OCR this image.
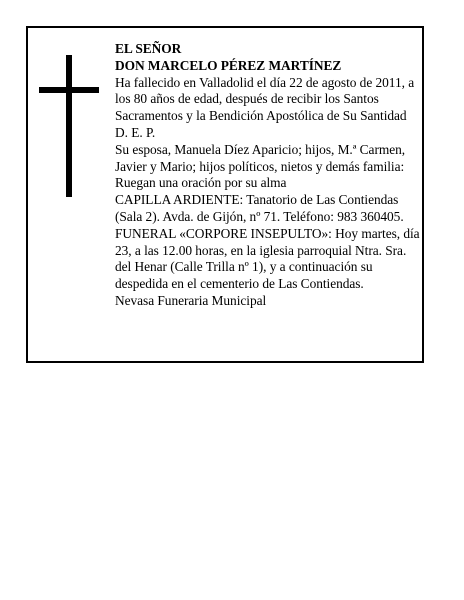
EL SEÑOR

DON MARCELO PÉREZ MARTÍNEZ

Ha fallecido en Valladolid el día 22 de agosto de 2011, a los 80 años de edad, después de recibir los Santos Sacramentos y la Bendición Apostólica de Su Santidad D. E. P.

Su esposa, Manuela Díez Aparicio; hijos, M.ª Carmen, Javier y Mario; hijos políticos, nietos y demás familia:

Ruegan una oración por su alma

CAPILLA ARDIENTE: Tanatorio de Las Contiendas (Sala 2). Avda. de Gijón, nº 71. Teléfono: 983 360405.

FUNERAL «CORPORE INSEPULTO»: Hoy martes, día 23, a las 12.00 horas, en la iglesia parroquial Ntra. Sra. del Henar (Calle Trilla nº 1), y a continuación su despedida en el cementerio de Las Contiendas.

Nevasa Funeraria Municipal
